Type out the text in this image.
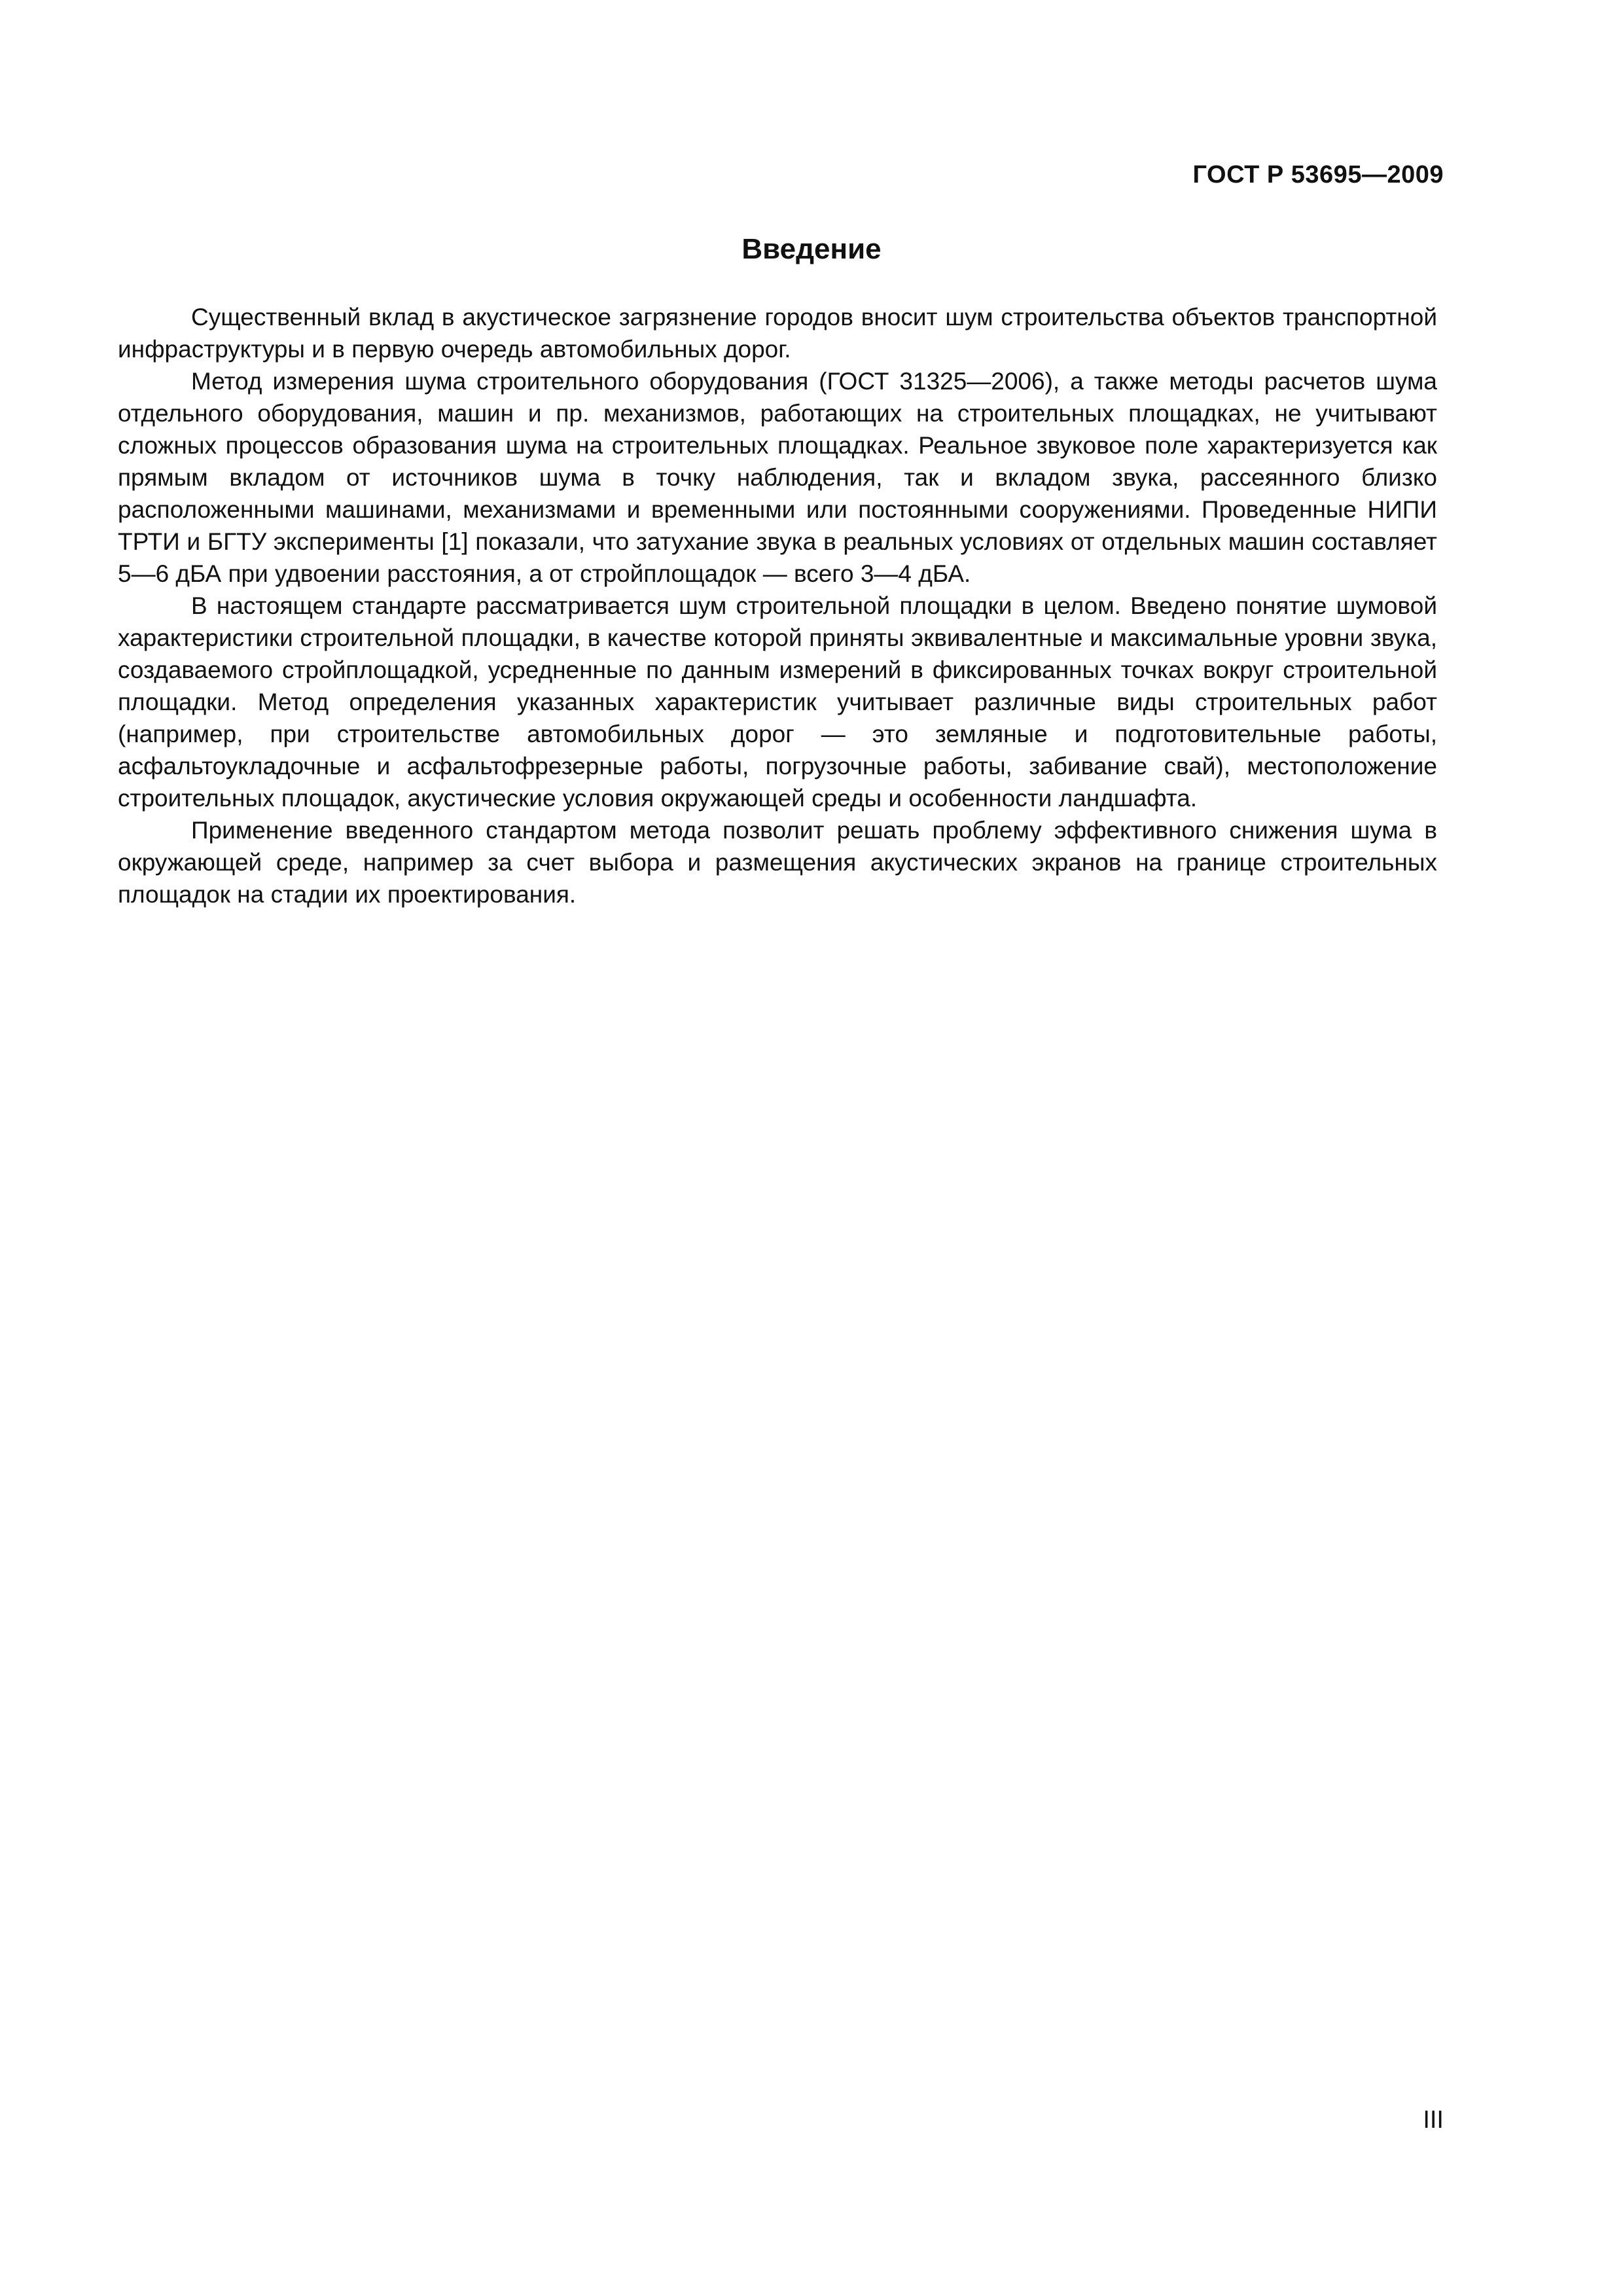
ГОСТ Р 53695—2009
Введение

Существенный вклад в акустическое загрязнение городов вносит шум строительства объектов транспортной инфраструктуры и в первую очередь автомобильных дорог.

Метод измерения шума строительного оборудования (ГОСТ 31325—2006), а также методы расчетов шума отдельного оборудования, машин и пр. механизмов, работающих на строительных площадках, не учитывают сложных процессов образования шума на строительных площадках. Реальное звуковое поле характеризуется как прямым вкладом от источников шума в точку наблюдения, так и вкладом звука, рассеянного близко расположенными машинами, механизмами и временными или постоянными сооружениями. Проведенные НИПИ ТРТИ и БГТУ эксперименты [1] показали, что затухание звука в реальных условиях от отдельных машин составляет 5—6 дБА при удвоении расстояния, а от стройплощадок — всего 3—4 дБА.

В настоящем стандарте рассматривается шум строительной площадки в целом. Введено понятие шумовой характеристики строительной площадки, в качестве которой приняты эквивалентные и максимальные уровни звука, создаваемого стройплощадкой, усредненные по данным измерений в фиксированных точках вокруг строительной площадки. Метод определения указанных характеристик учитывает различные виды строительных работ (например, при строительстве автомобильных дорог — это земляные и подготовительные работы, асфальтоукладочные и асфальтофрезерные работы, погрузочные работы, забивание свай), местоположение строительных площадок, акустические условия окружающей среды и особенности ландшафта.

Применение введенного стандартом метода позволит решать проблему эффективного снижения шума в окружающей среде, например за счет выбора и размещения акустических экранов на границе строительных площадок на стадии их проектирования.

III
